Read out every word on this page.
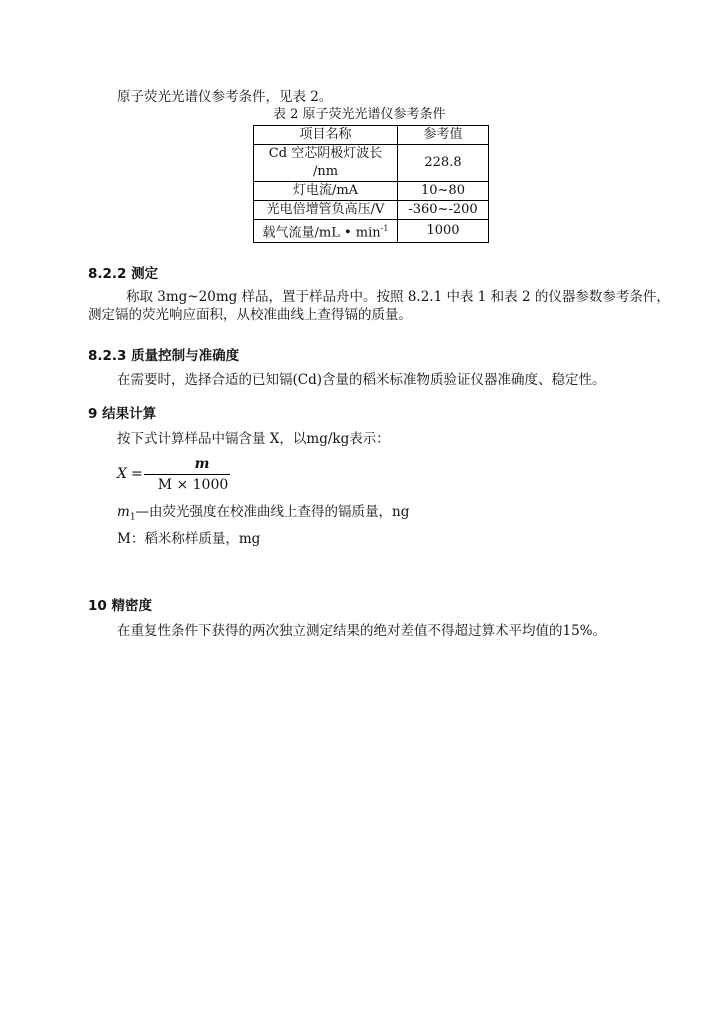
原子荧光光谱仪参考条件，见表 2。
表 2 原子荧光光谱仪参考条件
项目名称	参考值

Cd 空芯阴极灯波长
/nm	228.8
灯电流/mA	10~80
光电倍增管负高压/V	-360~-200
载气流量/mL • $\min^{-1}$	1000
8.2.2 测定
称取 3mg~20mg 样品，置于样品舟中。按照 8.2.1 中表 1 和表 2 的仪器参数参考条件，
测定镉的荧光响应面积，从校准曲线上查得镉的质量。
8.2.3 质量控制与准确度
在需要时，选择合适的已知镉(Cd)含量的稻米标准物质验证仪器准确度、稳定性。
9 结果计算
按下式计算样品中镉含量 X，以mg/kg表示：
X =
m
M × 1000
$m_1—$由荧光强度在校准曲线上查得的镉质量，ng
M：稻米称样质量，mg
10 精密度
在重复性条件下获得的两次独立测定结果的绝对差值不得超过算术平均值的15%。
